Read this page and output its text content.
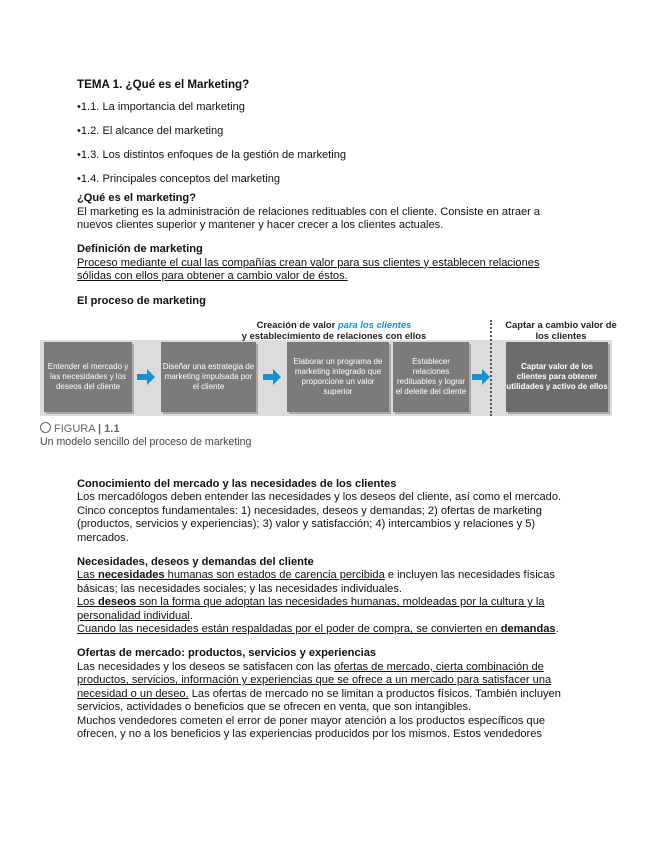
TEMA 1. ¿Qué es el Marketing?
•1.1. La importancia del marketing
•1.2. El alcance del marketing
•1.3. Los distintos enfoques de la gestión de marketing
•1.4. Principales conceptos del marketing
¿Qué es el marketing?

El marketing es la administración de relaciones redituables con el cliente. Consiste en atraer a nuevos clientes superior y mantener y hacer crecer a los clientes actuales.

Definición de marketing

Proceso mediante el cual las compañías crean valor para sus clientes y establecen relaciones sólidas con ellos para obtener a cambio valor de éstos.

El proceso de marketing
Creación de valor para los clientes
y establecimiento de relaciones con ellos
Captar a cambio valor de los clientes
Entender el mercado y las necesidades y los deseos del cliente
Diseñar una estrategia de marketing impulsada por el cliente
Elaborar un programa de marketing integrado que proporcione un valor superior
Establecer relaciones redituables y lograr el deleite del cliente
Captar valor de los clientes para obtener utilidades y activo de ellos
FIGURA | 1.1
Un modelo sencillo del proceso de marketing
Conocimiento del mercado y las necesidades de los clientes

Los mercadólogos deben entender las necesidades y los deseos del cliente, así como el mercado. Cinco conceptos fundamentales: 1) necesidades, deseos y demandas; 2) ofertas de marketing (productos, servicios y experiencias); 3) valor y satisfacción; 4) intercambios y relaciones y 5) mercados.

Necesidades, deseos y demandas del cliente

Las necesidades humanas son estados de carencia percibida e incluyen las necesidades físicas básicas; las necesidades sociales; y las necesidades individuales.

Los deseos son la forma que adoptan las necesidades humanas, moldeadas por la cultura y la personalidad individual.

Cuando las necesidades están respaldadas por el poder de compra, se convierten en demandas.

Ofertas de mercado: productos, servicios y experiencias

Las necesidades y los deseos se satisfacen con las ofertas de mercado, cierta combinación de productos, servicios, información y experiencias que se ofrece a un mercado para satisfacer una necesidad o un deseo. Las ofertas de mercado no se limitan a productos físicos. También incluyen servicios, actividades o beneficios que se ofrecen en venta, que son intangibles.

Muchos vendedores cometen el error de poner mayor atención a los productos específicos que ofrecen, y no a los beneficios y las experiencias producidos por los mismos. Estos vendedores
